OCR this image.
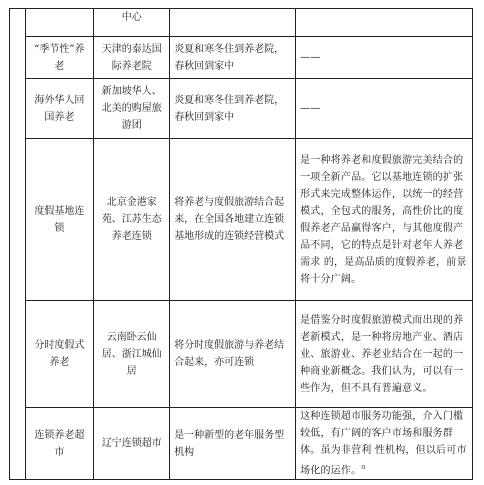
		中心		
	“季节性”养老	天津的泰达国际养老院	炎夏和寒冬住到养老院，春秋回到家中	——
	海外华人回国养老	新加坡华人、北美的购屋旅游团	炎夏和寒冬住到养老院，春秋回到家中	——
	度假基地连锁	北京金港家苑、江苏生态养老连锁	将养老与度假旅游结合起来，在全国各地建立连锁基地形成的连锁经营模式	是一种将养老和度假旅游完美结合的一项全新产品。它以基地连锁的扩张形式来完成整体运作，以统一的经营模式，全包式的服务，高性价比的度假养老产品赢得客户，与其他度假产品不同，它的特点是针对老年人养老需求 的，是高品质的度假养老，前景将十分广阔。
	分时度假式养老	云南卧云仙居、浙江城仙居	将分时度假旅游与养老结合起来，亦可连锁	是借鉴分时度假旅游模式而出现的养老新模式，是一种将房地产业、酒店业、旅游业、养老业结合在一起的一种商业新概念。我们认为，可以有一些作为，但不具有普遍意义。
	连锁养老超市	辽宁连锁超市	是一种新型的老年服务型机构	这种连锁超市服务功能强，介入门槛较低，有广阔的客户市场和服务群体。虽为非营利 性机构，但以后可市场化的运作。$^o$
